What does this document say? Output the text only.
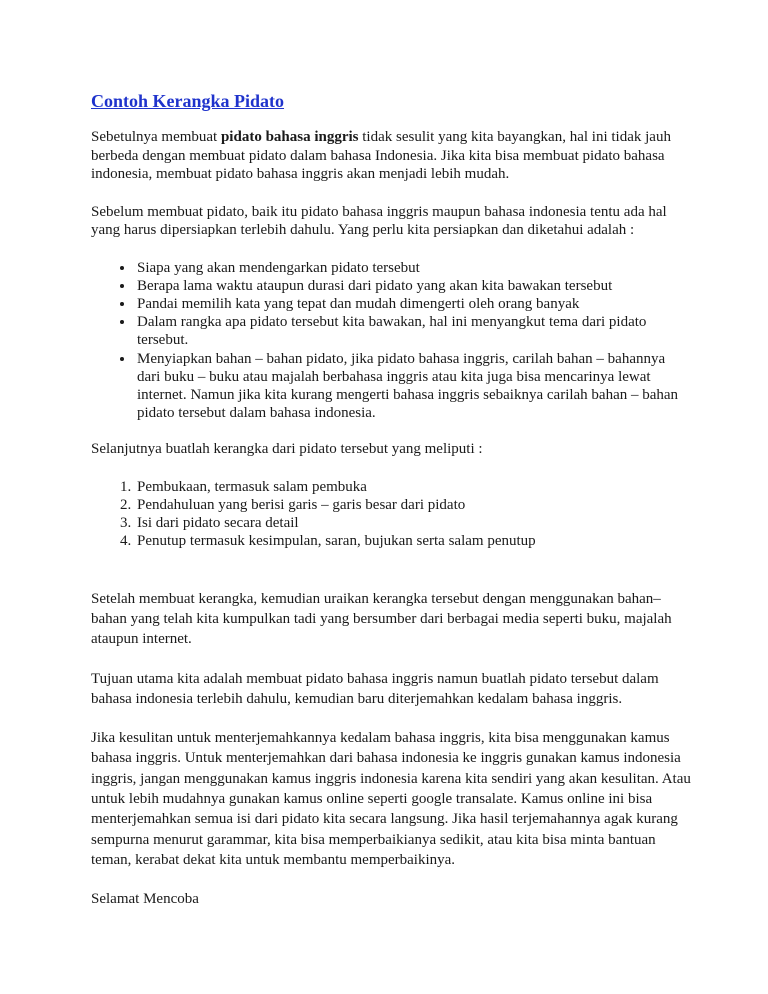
Contoh Kerangka Pidato

Sebetulnya membuat pidato bahasa inggris tidak sesulit yang kita bayangkan, hal ini tidak jauh berbeda dengan membuat pidato dalam bahasa Indonesia. Jika kita bisa membuat pidato bahasa indonesia, membuat pidato bahasa inggris akan menjadi lebih mudah.

Sebelum membuat pidato, baik itu pidato bahasa inggris maupun bahasa indonesia tentu ada hal yang harus dipersiapkan terlebih dahulu. Yang perlu kita persiapkan dan diketahui adalah :

• Siapa yang akan mendengarkan pidato tersebut
• Berapa lama waktu ataupun durasi dari pidato yang akan kita bawakan tersebut
• Pandai memilih kata yang tepat dan mudah dimengerti oleh orang banyak
• Dalam rangka apa pidato tersebut kita bawakan, hal ini menyangkut tema dari pidato tersebut.
• Menyiapkan bahan – bahan pidato, jika pidato bahasa inggris, carilah bahan – bahannya dari buku – buku atau majalah berbahasa inggris atau kita juga bisa mencarinya lewat internet. Namun jika kita kurang mengerti bahasa inggris sebaiknya carilah bahan – bahan pidato tersebut dalam bahasa indonesia.

Selanjutnya buatlah kerangka dari pidato tersebut yang meliputi :

1. Pembukaan, termasuk salam pembuka
2. Pendahuluan yang berisi garis – garis besar dari pidato
3. Isi dari pidato secara detail
4. Penutup termasuk kesimpulan, saran, bujukan serta salam penutup

Setelah membuat kerangka, kemudian uraikan kerangka tersebut dengan menggunakan bahan–bahan yang telah kita kumpulkan tadi yang bersumber dari berbagai media seperti buku, majalah ataupun internet.

Tujuan utama kita adalah membuat pidato bahasa inggris namun buatlah pidato tersebut dalam bahasa indonesia terlebih dahulu, kemudian baru diterjemahkan kedalam bahasa inggris.

Jika kesulitan untuk menterjemahkannya kedalam bahasa inggris, kita bisa menggunakan kamus bahasa inggris. Untuk menterjemahkan dari bahasa indonesia ke inggris gunakan kamus indonesia inggris, jangan menggunakan kamus inggris indonesia karena kita sendiri yang akan kesulitan. Atau untuk lebih mudahnya gunakan kamus online seperti google transalate. Kamus online ini bisa menterjemahkan semua isi dari pidato kita secara langsung. Jika hasil terjemahannya agak kurang sempurna menurut garammar, kita bisa memperbaikianya sedikit, atau kita bisa minta bantuan teman, kerabat dekat kita untuk membantu memperbaikinya.

Selamat Mencoba
